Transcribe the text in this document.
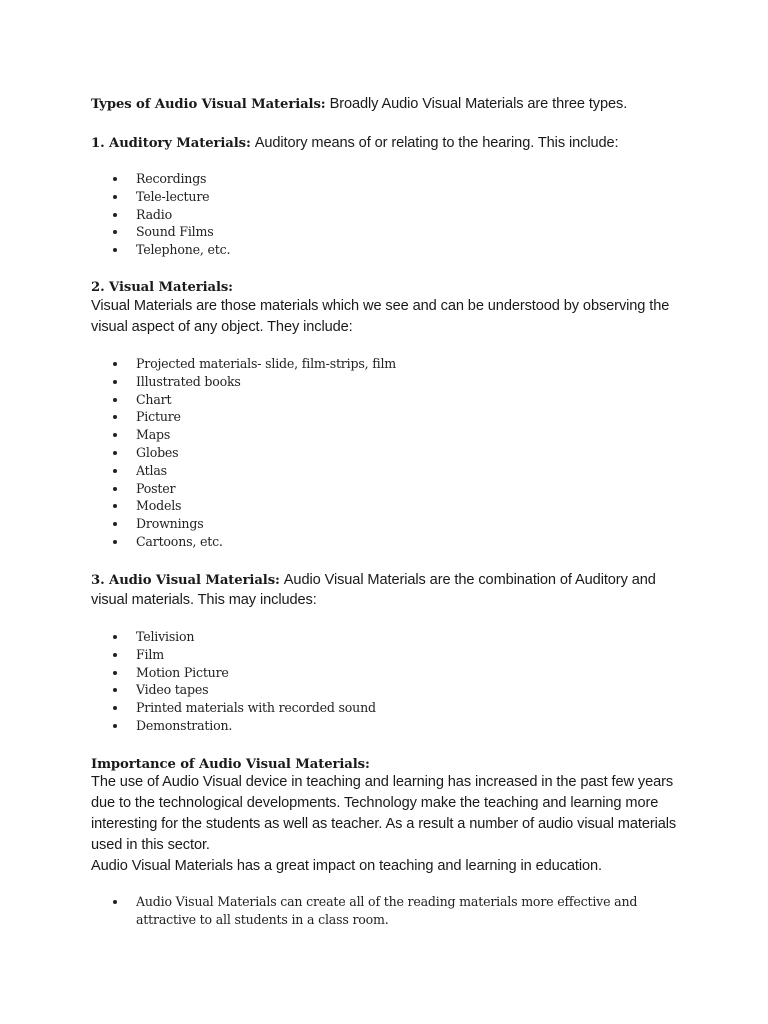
Types of Audio Visual Materials: Broadly Audio Visual Materials are three types.
1. Auditory Materials: Auditory means of or relating to the hearing. This include:
Recordings
Tele-lecture
Radio
Sound Films
Telephone, etc.
2. Visual Materials:

Visual Materials are those materials which we see and can be understood by observing the visual aspect of any object. They include:

Projected materials- slide, film-strips, film
Illustrated books
Chart
Picture
Maps
Globes
Atlas
Poster
Models
Drownings
Cartoons, etc.
3. Audio Visual Materials: Audio Visual Materials are the combination of Auditory and
visual materials. This may includes:
Telivision
Film
Motion Picture
Video tapes
Printed materials with recorded sound
Demonstration.
Importance of Audio Visual Materials:

The use of Audio Visual device in teaching and learning has increased in the past few years due to the technological developments. Technology make the teaching and learning more interesting for the students as well as teacher. As a result a number of audio visual materials used in this sector.

Audio Visual Materials has a great impact on teaching and learning in education.

Audio Visual Materials can create all of the reading materials more effective and attractive to all students in a class room.
